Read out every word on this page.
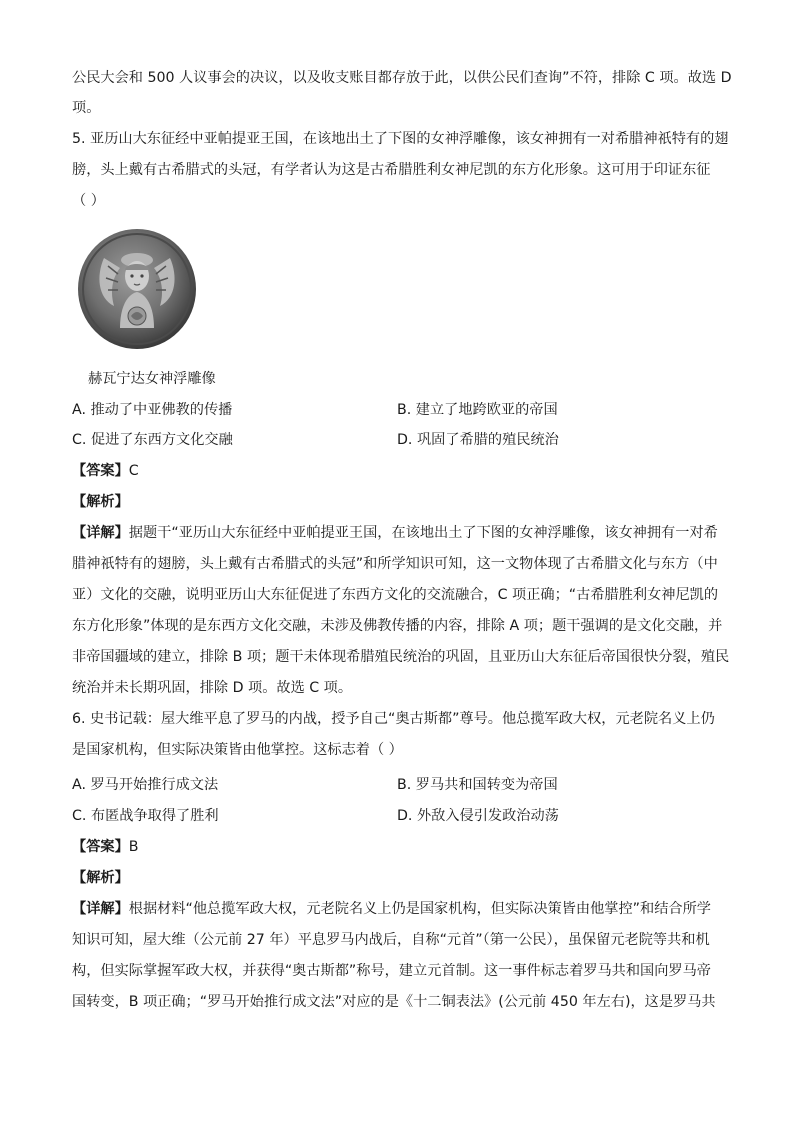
公民大会和 500 人议事会的决议，以及收支账目都存放于此，以供公民们查询”不符，排除 C 项。故选 D
项。
5. 亚历山大东征经中亚帕提亚王国，在该地出土了下图的女神浮雕像，该女神拥有一对希腊神祇特有的翅
膀，头上戴有古希腊式的头冠，有学者认为这是古希腊胜利女神尼凯的东方化形象。这可用于印证东征
（ ）
赫瓦宁达女神浮雕像
A. 推动了中亚佛教的传播	B. 建立了地跨欧亚的帝国
C. 促进了东西方文化交融	D. 巩固了希腊的殖民统治
【答案】C
【解析】
【详解】据题干“亚历山大东征经中亚帕提亚王国，在该地出土了下图的女神浮雕像，该女神拥有一对希
腊神祇特有的翅膀，头上戴有古希腊式的头冠”和所学知识可知，这一文物体现了古希腊文化与东方（中
亚）文化的交融，说明亚历山大东征促进了东西方文化的交流融合，C 项正确；“古希腊胜利女神尼凯的
东方化形象”体现的是东西方文化交融，未涉及佛教传播的内容，排除 A 项；题干强调的是文化交融，并
非帝国疆域的建立，排除 B 项；题干未体现希腊殖民统治的巩固，且亚历山大东征后帝国很快分裂，殖民
统治并未长期巩固，排除 D 项。故选 C 项。
6. 史书记载：屋大维平息了罗马的内战，授予自己“奥古斯都”尊号。他总揽军政大权，元老院名义上仍
是国家机构，但实际决策皆由他掌控。这标志着（ ）
A. 罗马开始推行成文法	B. 罗马共和国转变为帝国
C. 布匿战争取得了胜利	D. 外敌入侵引发政治动荡
【答案】B
【解析】
【详解】根据材料“他总揽军政大权，元老院名义上仍是国家机构，但实际决策皆由他掌控”和结合所学
知识可知，屋大维（公元前 27 年）平息罗马内战后，自称“元首”（第一公民），虽保留元老院等共和机
构，但实际掌握军政大权，并获得“奥古斯都”称号，建立元首制。这一事件标志着罗马共和国向罗马帝
国转变，B 项正确；“罗马开始推行成文法”对应的是《十二铜表法》(公元前 450 年左右)，这是罗马共
